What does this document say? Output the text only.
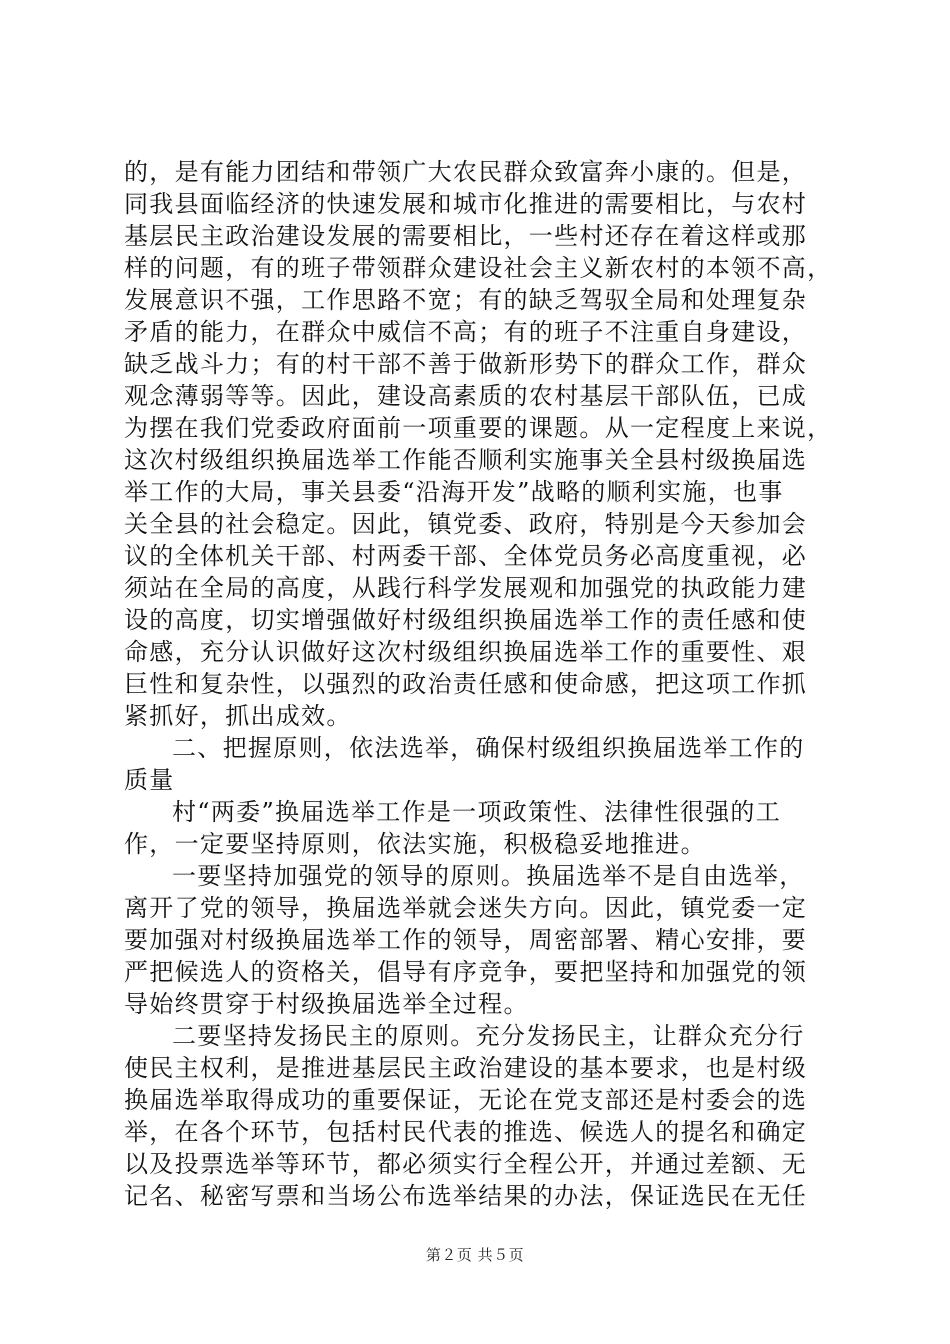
的，是有能力团结和带领广大农民群众致富奔小康的。但是，
同我县面临经济的快速发展和城市化推进的需要相比，与农村
基层民主政治建设发展的需要相比，一些村还存在着这样或那
样的问题，有的班子带领群众建设社会主义新农村的本领不高，
发展意识不强，工作思路不宽；有的缺乏驾驭全局和处理复杂
矛盾的能力，在群众中威信不高；有的班子不注重自身建设，
缺乏战斗力；有的村干部不善于做新形势下的群众工作，群众
观念薄弱等等。因此，建设高素质的农村基层干部队伍，已成
为摆在我们党委政府面前一项重要的课题。从一定程度上来说，
这次村级组织换届选举工作能否顺利实施事关全县村级换届选
举工作的大局，事关县委“沿海开发”战略的顺利实施，也事
关全县的社会稳定。因此，镇党委、政府，特别是今天参加会
议的全体机关干部、村两委干部、全体党员务必高度重视，必
须站在全局的高度，从践行科学发展观和加强党的执政能力建
设的高度，切实增强做好村级组织换届选举工作的责任感和使
命感，充分认识做好这次村级组织换届选举工作的重要性、艰
巨性和复杂性，以强烈的政治责任感和使命感，把这项工作抓
紧抓好，抓出成效。
二、把握原则，依法选举，确保村级组织换届选举工作的
质量
村“两委”换届选举工作是一项政策性、法律性很强的工
作，一定要坚持原则，依法实施，积极稳妥地推进。
一要坚持加强党的领导的原则。换届选举不是自由选举，
离开了党的领导，换届选举就会迷失方向。因此，镇党委一定
要加强对村级换届选举工作的领导，周密部署、精心安排，要
严把候选人的资格关，倡导有序竞争，要把坚持和加强党的领
导始终贯穿于村级换届选举全过程。
二要坚持发扬民主的原则。充分发扬民主，让群众充分行
使民主权利，是推进基层民主政治建设的基本要求，也是村级
换届选举取得成功的重要保证，无论在党支部还是村委会的选
举，在各个环节，包括村民代表的推选、候选人的提名和确定
以及投票选举等环节，都必须实行全程公开，并通过差额、无
记名、秘密写票和当场公布选举结果的办法，保证选民在无任
第２页 共５页
